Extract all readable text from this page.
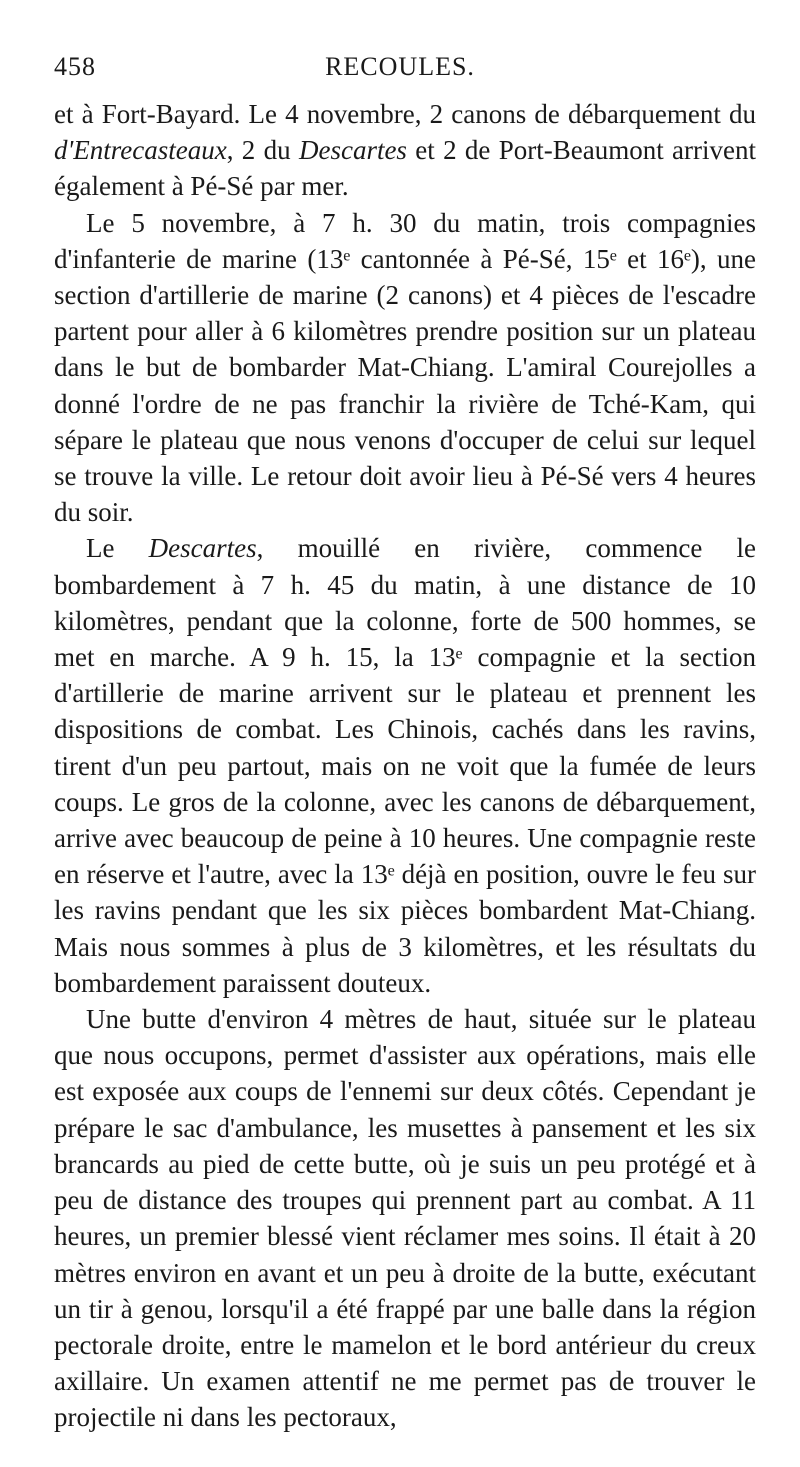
458	RECOULES.

et à Fort-Bayard. Le 4 novembre, 2 canons de débarquement du d'Entrecasteaux, 2 du Descartes et 2 de Port-Beaumont arrivent également à Pé-Sé par mer.

Le 5 novembre, à 7 h. 30 du matin, trois compagnies d'infanterie de marine (13ᵉ cantonnée à Pé-Sé, 15ᵉ et 16ᵉ), une section d'artillerie de marine (2 canons) et 4 pièces de l'escadre partent pour aller à 6 kilomètres prendre position sur un plateau dans le but de bombarder Mat-Chiang. L'amiral Courejolles a donné l'ordre de ne pas franchir la rivière de Tché-Kam, qui sépare le plateau que nous venons d'occuper de celui sur lequel se trouve la ville. Le retour doit avoir lieu à Pé-Sé vers 4 heures du soir.

Le Descartes, mouillé en rivière, commence le bombardement à 7 h. 45 du matin, à une distance de 10 kilomètres, pendant que la colonne, forte de 500 hommes, se met en marche. A 9 h. 15, la 13ᵉ compagnie et la section d'artillerie de marine arrivent sur le plateau et prennent les dispositions de combat. Les Chinois, cachés dans les ravins, tirent d'un peu partout, mais on ne voit que la fumée de leurs coups. Le gros de la colonne, avec les canons de débarquement, arrive avec beaucoup de peine à 10 heures. Une compagnie reste en réserve et l'autre, avec la 13ᵉ déjà en position, ouvre le feu sur les ravins pendant que les six pièces bombardent Mat-Chiang. Mais nous sommes à plus de 3 kilomètres, et les résultats du bombardement paraissent douteux.

Une butte d'environ 4 mètres de haut, située sur le plateau que nous occupons, permet d'assister aux opérations, mais elle est exposée aux coups de l'ennemi sur deux côtés. Cependant je prépare le sac d'ambulance, les musettes à pansement et les six brancards au pied de cette butte, où je suis un peu protégé et à peu de distance des troupes qui prennent part au combat. A 11 heures, un premier blessé vient réclamer mes soins. Il était à 20 mètres environ en avant et un peu à droite de la butte, exécutant un tir à genou, lorsqu'il a été frappé par une balle dans la région pectorale droite, entre le mamelon et le bord antérieur du creux axillaire. Un examen attentif ne me permet pas de trouver le projectile ni dans les pectoraux,
